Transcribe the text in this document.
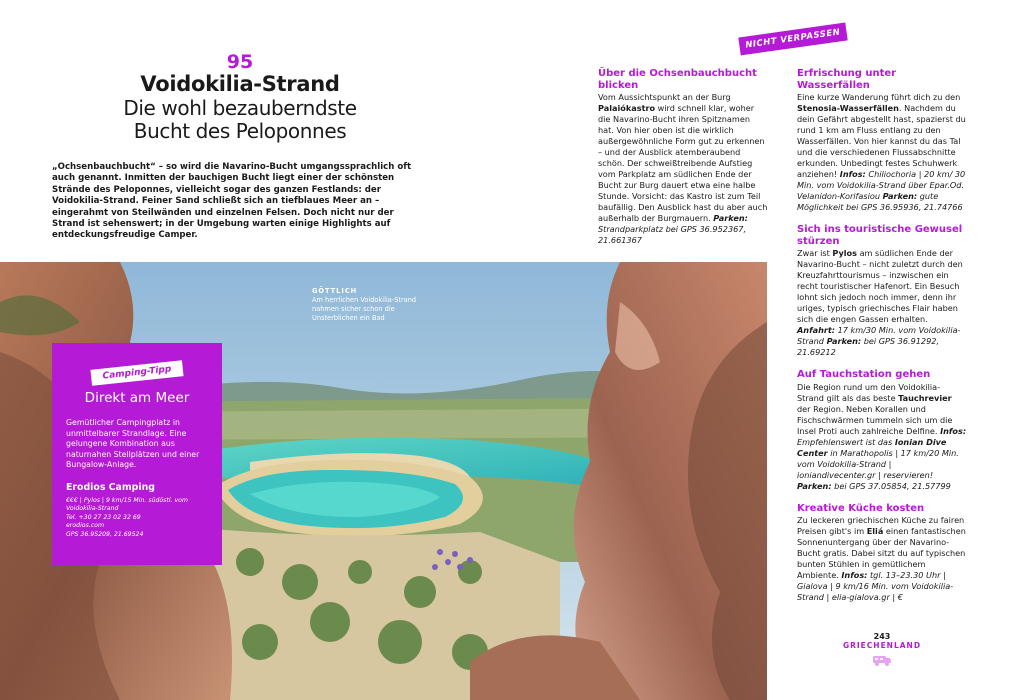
95
Voidokilia-Strand
Die wohl bezauberndste
Bucht des Peloponnes

„Ochsenbauchbucht“ – so wird die Navarino-Bucht umgangssprachlich oft auch genannt. Inmitten der bauchigen Bucht liegt einer der schönsten Strände des Peloponnes, vielleicht sogar des ganzen Festlands: der Voidokilia-Strand. Feiner Sand schließt sich an tiefblaues Meer an – eingerahmt von Steilwänden und einzelnen Felsen. Doch nicht nur der Strand ist sehenswert; in der Umgebung warten einige Highlights auf entdeckungsfreudige Camper.

GÖTTLICH
Am herrlichen Voidokilia-Strand nahmen sicher schon die Unsterblichen ein Bad
Camping-Tipp
Direkt am Meer
Gemütlicher Campingplatz in unmittelbarer Strandlage. Eine gelungene Kombination aus naturnahen Stellplätzen und einer Bungalow-Anlage.
Erodios Camping
€€€ | Pylos | 9 km/15 Min. südöstl. vom Voidokilia-Strand
Tel. +30 27 23 02 32 69
erodios.com
GPS 36.95209, 21.69524
NICHT VERPASSEN
Über die Ochsenbauchbucht blicken

Vom Aussichtspunkt an der Burg Palaiókastro wird schnell klar, woher die Navarino-Bucht ihren Spitznamen hat. Von hier oben ist die wirklich außergewöhnliche Form gut zu erkennen – und der Ausblick atemberaubend schön. Der schweißtreibende Aufstieg vom Parkplatz am südlichen Ende der Bucht zur Burg dauert etwa eine halbe Stunde. Vorsicht: das Kastro ist zum Teil baufällig. Den Ausblick hast du aber auch außerhalb der Burgmauern. Parken: Strandparkplatz bei GPS 36.952367, 21.661367

Erfrischung unter Wasserfällen

Eine kurze Wanderung führt dich zu den Stenosia-Wasserfällen. Nachdem du dein Gefährt abgestellt hast, spazierst du rund 1 km am Fluss entlang zu den Wasserfällen. Von hier kannst du das Tal und die verschiedenen Flussabschnitte erkunden. Unbedingt festes Schuhwerk anziehen! Infos: Chiliochoria | 20 km/ 30 Min. vom Voidokilia-Strand über Epar.Od. Velanidon-Korifasiou Parken: gute Möglichkeit bei GPS 36.95936, 21.74766

Sich ins touristische Gewusel stürzen

Zwar ist Pylos am südlichen Ende der Navarino-Bucht – nicht zuletzt durch den Kreuzfahrttourismus – inzwischen ein recht touristischer Hafenort. Ein Besuch lohnt sich jedoch noch immer, denn ihr uriges, typisch griechisches Flair haben sich die engen Gassen erhalten. Anfahrt: 17 km/30 Min. vom Voidokilia-Strand Parken: bei GPS 36.91292, 21.69212

Auf Tauchstation gehen

Die Region rund um den Voidokilia-Strand gilt als das beste Tauchrevier der Region. Neben Korallen und Fischschwärmen tummeln sich um die Insel Proti auch zahlreiche Delfine. Infos: Empfehlenswert ist das Ionian Dive Center in Marathopolis | 17 km/20 Min. vom Voidokilia-Strand | ioniandivecenter.gr | reservieren! Parken: bei GPS 37.05854, 21.57799

Kreative Küche kosten

Zu leckeren griechischen Küche zu fairen Preisen gibt's im Eliá einen fantastischen Sonnenuntergang über der Navarino-Bucht gratis. Dabei sitzt du auf typischen bunten Stühlen in gemütlichem Ambiente. Infos: tgl. 13–23.30 Uhr | Gialova | 9 km/16 Min. vom Voidokilia-Strand | elia-gialova.gr | €

243
GRIECHENLAND
